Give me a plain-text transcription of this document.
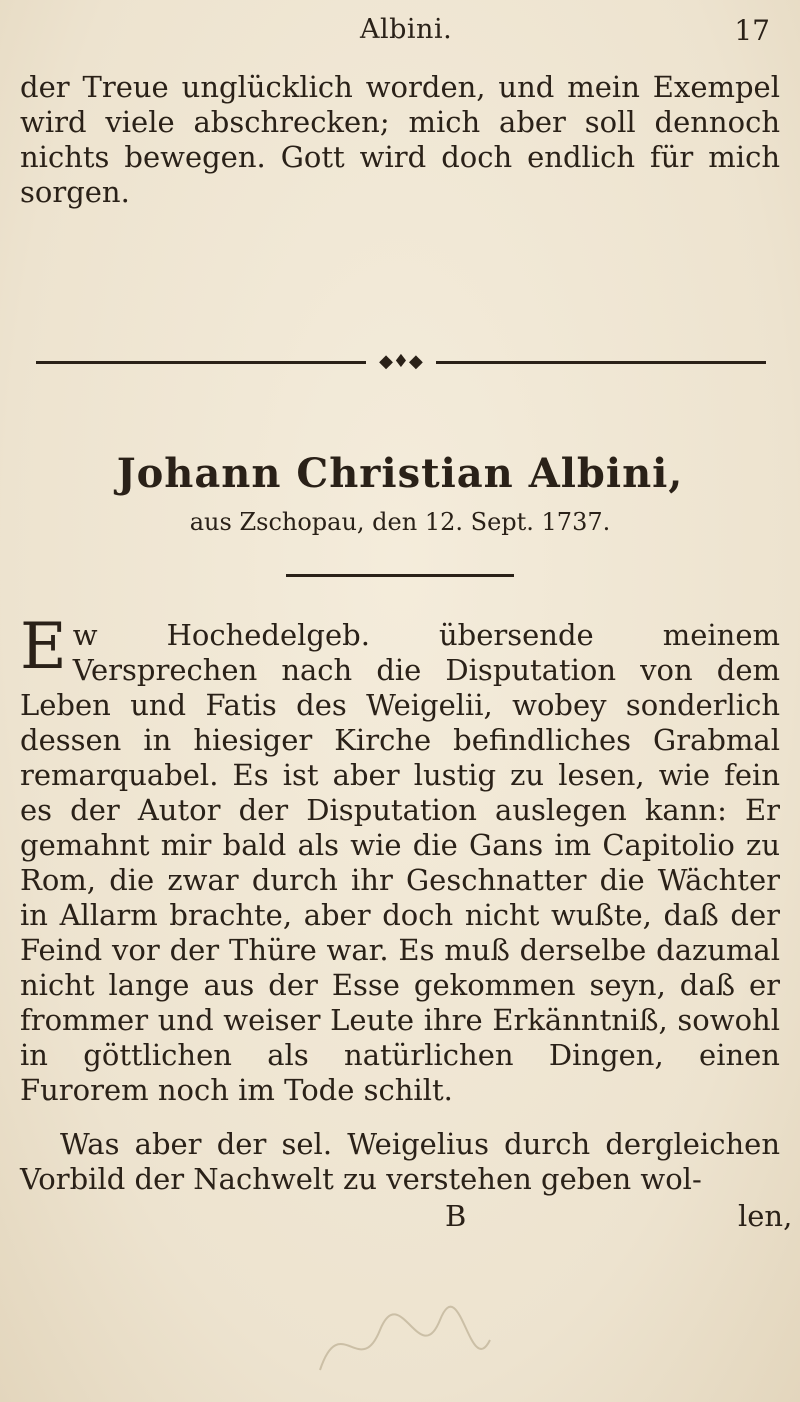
Albini.	17
der Treue unglücklich worden, und mein Exempel wird viele abschrecken; mich aber soll dennoch nichts bewegen. Gott wird doch endlich für mich sorgen.
◆♦◆
Johann Christian Albini,
aus Zschopau, den 12. Sept. 1737.
Ew Hochedelgeb. übersende meinem Versprechen nach die Disputation von dem Leben und Fatis des Weigelii, wobey sonderlich dessen in hiesiger Kirche befindliches Grabmal remarquabel. Es ist aber lustig zu lesen, wie fein es der Autor der Disputation auslegen kann: Er gemahnt mir bald als wie die Gans im Capitolio zu Rom, die zwar durch ihr Geschnatter die Wächter in Allarm brachte, aber doch nicht wußte, daß der Feind vor der Thüre war. Es muß derselbe dazumal nicht lange aus der Esse gekommen seyn, daß er frommer und weiser Leute ihre Erkänntniß, sowohl in göttlichen als natürlichen Dingen, einen Furorem noch im Tode schilt.
Was aber der sel. Weigelius durch dergleichen Vorbild der Nachwelt zu verstehen geben wol-
B	len,
